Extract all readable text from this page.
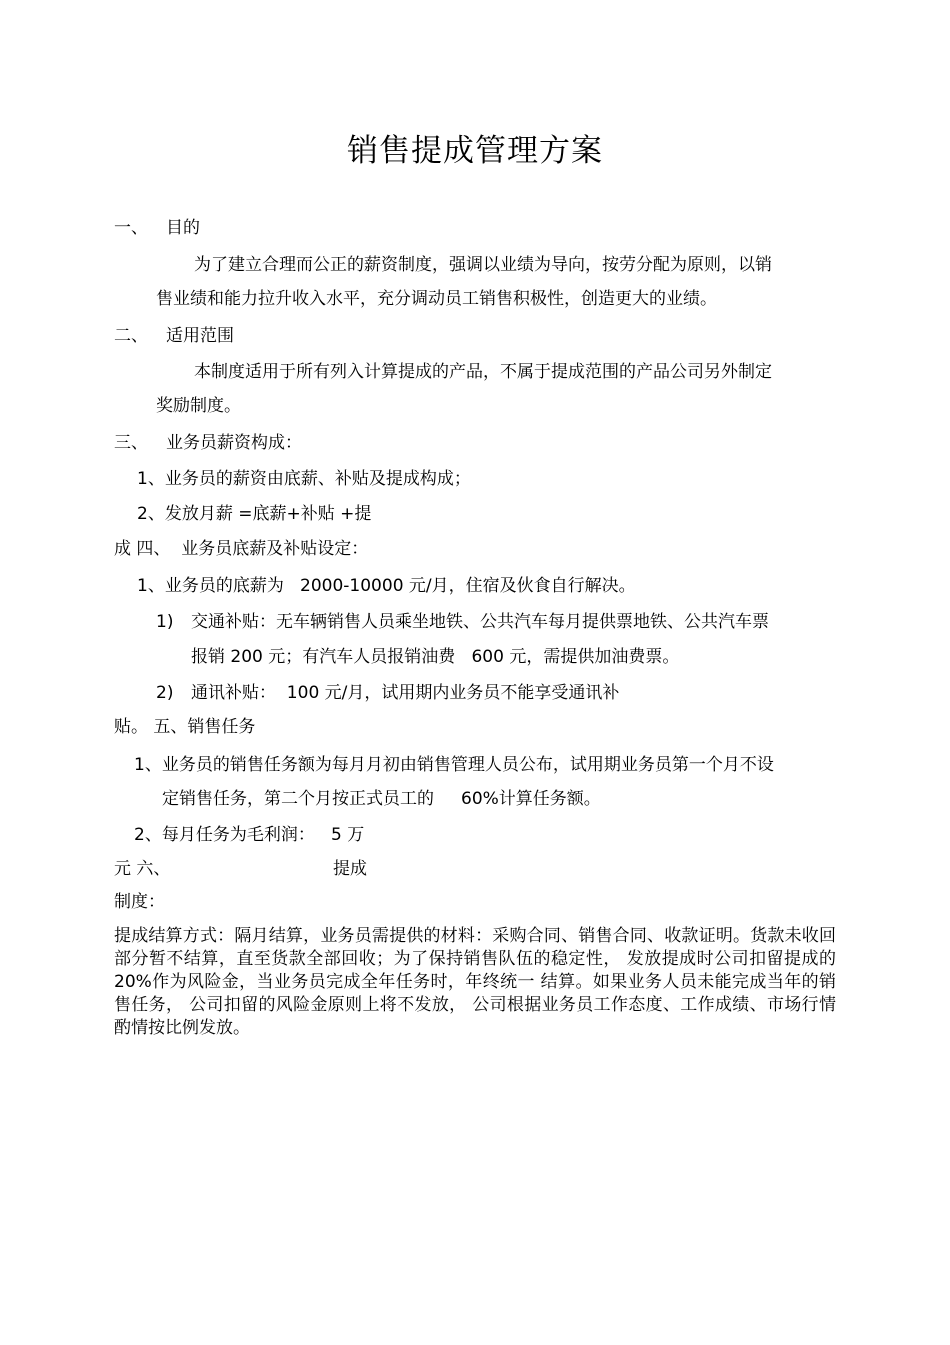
销售提成管理方案
一、 目的
为了建立合理而公正的薪资制度，强调以业绩为导向，按劳分配为原则，以销
售业绩和能力拉升收入水平，充分调动员工销售积极性，创造更大的业绩。
二、 适用范围
本制度适用于所有列入计算提成的产品，不属于提成范围的产品公司另外制定
奖励制度。
三、 业务员薪资构成：
1、业务员的薪资由底薪、补贴及提成构成；
2、发放月薪 =底薪+补贴 +提
成 四、  业务员底薪及补贴设定：
1、业务员的底薪为   2000-10000 元/月，住宿及伙食自行解决。
1) 交通补贴：无车辆销售人员乘坐地铁、公共汽车每月提供票地铁、公共汽车票
报销 200 元；有汽车人员报销油费   600 元，需提供加油费票。
2) 通讯补贴：  100 元/月，试用期内业务员不能享受通讯补
贴。 五、销售任务
1、业务员的销售任务额为每月月初由销售管理人员公布，试用期业务员第一个月不设
定销售任务，第二个月按正式员工的     60%计算任务额。
2、每月任务为毛利润：   5 万
元 六、	提成
制度：
提成结算方式：隔月结算，业务员需提供的材料：采购合同、销售合同、收款证明。货款未收回部分暂不结算，直至货款全部回收；为了保持销售队伍的稳定性， 发放提成时公司扣留提成的 20%作为风险金，当业务员完成全年任务时，年终统一 结算。如果业务人员未能完成当年的销售任务， 公司扣留的风险金原则上将不发放， 公司根据业务员工作态度、工作成绩、市场行情酌情按比例发放。
